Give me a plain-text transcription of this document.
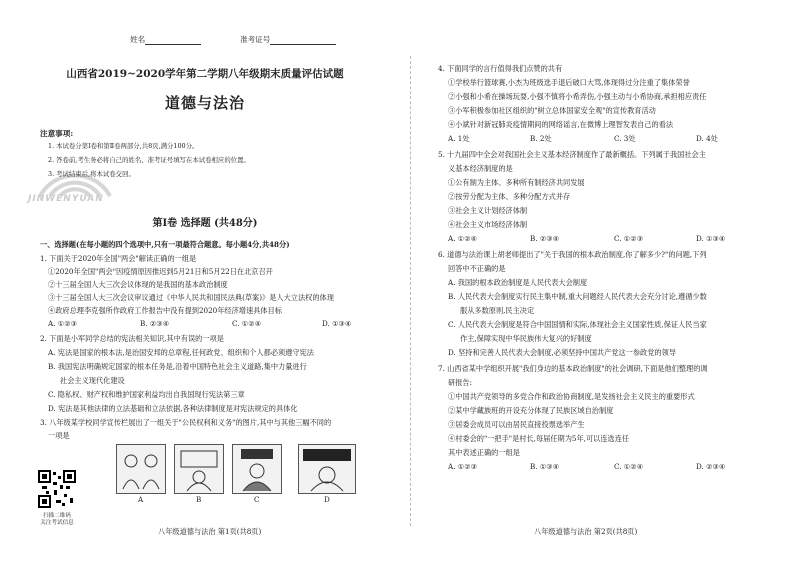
姓名	准考证号
山西省2019~2020学年第二学期八年级期末质量评估试题
道德与法治
JINWENYUAN
注意事项:
1. 本试卷分第Ⅰ卷和第Ⅱ卷两部分,共8页,满分100分。
2. 答卷前,考生务必将自己的姓名、准考证号填写在本试卷相应的位置。
3. 考试结束后,将本试卷交回。
第Ⅰ卷 选择题 (共48分)
一、选择题(在每小题的四个选项中,只有一项最符合题意。每小题4分,共48分)
1. 下面关于2020年全国"两会"解读正确的一组是
①2020年全国"两会"因疫情原因推迟到5月21日和5月22日在北京召开
②十三届全国人大三次会议体现的是我国的基本政治制度
③十三届全国人大三次会议审议通过《中华人民共和国民法典(草案)》是人大立法权的体现
④政府总理李克强所作政府工作报告中没有提到2020年经济增速具体目标
A. ①②③	B. ②③④	C. ①②④	D. ①③④
2. 下面是小军同学总结的宪法相关知识,其中有误的一项是
A. 宪法是国家的根本法,是治国安邦的总章程,任何政党、组织和个人都必须遵守宪法
B. 我国宪法明确规定国家的根本任务是,沿着中国特色社会主义道路,集中力量进行
社会主义现代化建设
C. 隐私权、财产权和维护国家利益均出自我国现行宪法第三章
D. 宪法是其他法律的立法基础和立法依据,各种法律制度是对宪法规定的具体化
3. 八年级某学校同学宣传栏展出了一组关于"公民权利和义务"的图片,其中与其他三幅不同的
一项是
A	B	C	D
扫描二维码
关注考试信息
八年级道德与法治 第1页(共8页)
4. 下面同学的言行值得我们点赞的共有
①学校举行篮球赛,小杰为班级选手退后破口大骂,体现得过分注重了集体荣誉
②小强和小希在操场玩耍,小强不慎将小希弄伤,小强主动与小希协商,承担相应责任
③小军积极参加社区组织的"树立总体国家安全观"的宣传教育活动
④小斌针对新冠肺炎疫情期间的网络谣言,在微博上理智发表自己的看法
A. 1处	B. 2处	C. 3处	D. 4处
5. 十九届四中全会对我国社会主义基本经济制度作了最新概括。下列属于我国社会主
义基本经济制度的是
①公有制为主体、多种所有制经济共同发展
②按劳分配为主体、多种分配方式并存
③社会主义计划经济体制
④社会主义市场经济体制
A. ①②④	B. ②③④	C. ①②③	D. ①③④
6. 道德与法治课上胡老师提出了"关于我国的根本政治制度,你了解多少?"的问题,下列
回答中不正确的是
A. 我国的根本政治制度是人民代表大会制度
B. 人民代表大会制度实行民主集中制,重大问题经人民代表大会充分讨论,遵循少数
服从多数原则,民主决定
C. 人民代表大会制度是符合中国国情和实际,体现社会主义国家性质,保证人民当家
作主,保障实现中华民族伟大复兴的好制度
D. 坚持和完善人民代表大会制度,必须坚持中国共产党这一参政党的领导
7. 山西省某中学组织开展"我们身边的基本政治制度"的社会调研,下面是他们整理的调
研报告:
①中国共产党领导的多党合作和政治协商制度,是发扬社会主义民主的重要形式
②某中学藏族班的开设充分体现了民族区域自治制度
③居委会成员可以由居民直接投票选举产生
④村委会的"一把手"是村长,每届任期为5年,可以连选连任
其中表述正确的一组是
A. ①②③	B. ①③④	C. ①②④	D. ②③④
八年级道德与法治 第2页(共8页)
